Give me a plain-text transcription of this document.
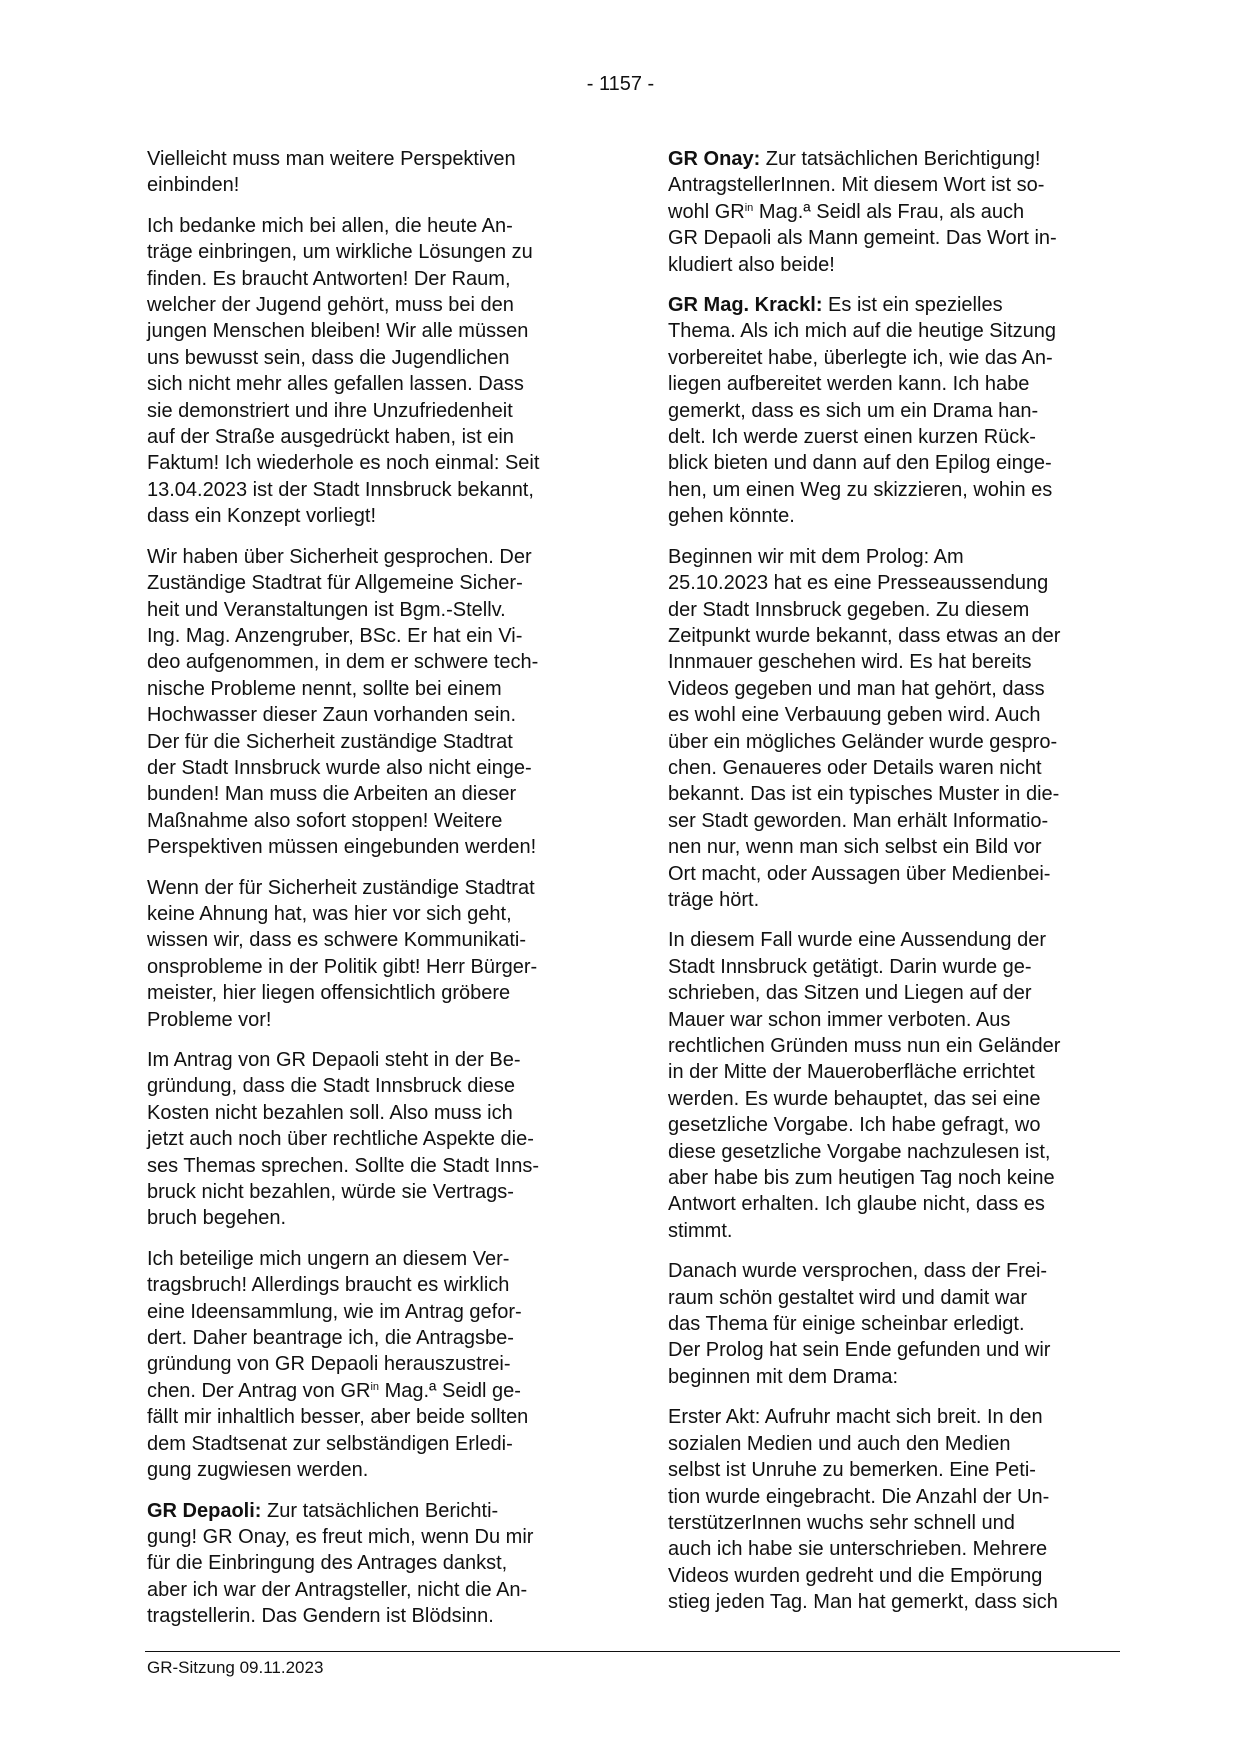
- 1157 -

Vielleicht muss man weitere Perspektiven
einbinden!

Ich bedanke mich bei allen, die heute An-
träge einbringen, um wirkliche Lösungen zu
finden. Es braucht Antworten! Der Raum,
welcher der Jugend gehört, muss bei den
jungen Menschen bleiben! Wir alle müssen
uns bewusst sein, dass die Jugendlichen
sich nicht mehr alles gefallen lassen. Dass
sie demonstriert und ihre Unzufriedenheit
auf der Straße ausgedrückt haben, ist ein
Faktum! Ich wiederhole es noch einmal: Seit
13.04.2023 ist der Stadt Innsbruck bekannt,
dass ein Konzept vorliegt!

Wir haben über Sicherheit gesprochen. Der
Zuständige Stadtrat für Allgemeine Sicher-
heit und Veranstaltungen ist Bgm.-Stellv.
Ing. Mag. Anzengruber, BSc. Er hat ein Vi-
deo aufgenommen, in dem er schwere tech-
nische Probleme nennt, sollte bei einem
Hochwasser dieser Zaun vorhanden sein.
Der für die Sicherheit zuständige Stadtrat
der Stadt Innsbruck wurde also nicht einge-
bunden! Man muss die Arbeiten an dieser
Maßnahme also sofort stoppen! Weitere
Perspektiven müssen eingebunden werden!

Wenn der für Sicherheit zuständige Stadtrat
keine Ahnung hat, was hier vor sich geht,
wissen wir, dass es schwere Kommunikati-
onsprobleme in der Politik gibt! Herr Bürger-
meister, hier liegen offensichtlich gröbere
Probleme vor!

Im Antrag von GR Depaoli steht in der Be-
gründung, dass die Stadt Innsbruck diese
Kosten nicht bezahlen soll. Also muss ich
jetzt auch noch über rechtliche Aspekte die-
ses Themas sprechen. Sollte die Stadt Inns-
bruck nicht bezahlen, würde sie Vertrags-
bruch begehen.

Ich beteilige mich ungern an diesem Ver-
tragsbruch! Allerdings braucht es wirklich
eine Ideensammlung, wie im Antrag gefor-
dert. Daher beantrage ich, die Antragsbe-
gründung von GR Depaoli herauszustrei-
chen. Der Antrag von $GR^{in}$ Mag.ª Seidl ge-
fällt mir inhaltlich besser, aber beide sollten
dem Stadtsenat zur selbständigen Erledi-
gung zugwiesen werden.

GR Depaoli: Zur tatsächlichen Berichti-
gung! GR Onay, es freut mich, wenn Du mir
für die Einbringung des Antrages dankst,
aber ich war der Antragsteller, nicht die An-
tragstellerin. Das Gendern ist Blödsinn.

GR Onay: Zur tatsächlichen Berichtigung!
AntragstellerInnen. Mit diesem Wort ist so-
wohl $GR^{in}$ Mag.ª Seidl als Frau, als auch
GR Depaoli als Mann gemeint. Das Wort in-
kludiert also beide!

GR Mag. Krackl: Es ist ein spezielles
Thema. Als ich mich auf die heutige Sitzung
vorbereitet habe, überlegte ich, wie das An-
liegen aufbereitet werden kann. Ich habe
gemerkt, dass es sich um ein Drama han-
delt. Ich werde zuerst einen kurzen Rück-
blick bieten und dann auf den Epilog einge-
hen, um einen Weg zu skizzieren, wohin es
gehen könnte.

Beginnen wir mit dem Prolog: Am
25.10.2023 hat es eine Presseaussendung
der Stadt Innsbruck gegeben. Zu diesem
Zeitpunkt wurde bekannt, dass etwas an der
Innmauer geschehen wird. Es hat bereits
Videos gegeben und man hat gehört, dass
es wohl eine Verbauung geben wird. Auch
über ein mögliches Geländer wurde gespro-
chen. Genaueres oder Details waren nicht
bekannt. Das ist ein typisches Muster in die-
ser Stadt geworden. Man erhält Informatio-
nen nur, wenn man sich selbst ein Bild vor
Ort macht, oder Aussagen über Medienbei-
träge hört.

In diesem Fall wurde eine Aussendung der
Stadt Innsbruck getätigt. Darin wurde ge-
schrieben, das Sitzen und Liegen auf der
Mauer war schon immer verboten. Aus
rechtlichen Gründen muss nun ein Geländer
in der Mitte der Maueroberfläche errichtet
werden. Es wurde behauptet, das sei eine
gesetzliche Vorgabe. Ich habe gefragt, wo
diese gesetzliche Vorgabe nachzulesen ist,
aber habe bis zum heutigen Tag noch keine
Antwort erhalten. Ich glaube nicht, dass es
stimmt.

Danach wurde versprochen, dass der Frei-
raum schön gestaltet wird und damit war
das Thema für einige scheinbar erledigt.
Der Prolog hat sein Ende gefunden und wir
beginnen mit dem Drama:

Erster Akt: Aufruhr macht sich breit. In den
sozialen Medien und auch den Medien
selbst ist Unruhe zu bemerken. Eine Peti-
tion wurde eingebracht. Die Anzahl der Un-
terstützerInnen wuchs sehr schnell und
auch ich habe sie unterschrieben. Mehrere
Videos wurden gedreht und die Empörung
stieg jeden Tag. Man hat gemerkt, dass sich

GR-Sitzung 09.11.2023
